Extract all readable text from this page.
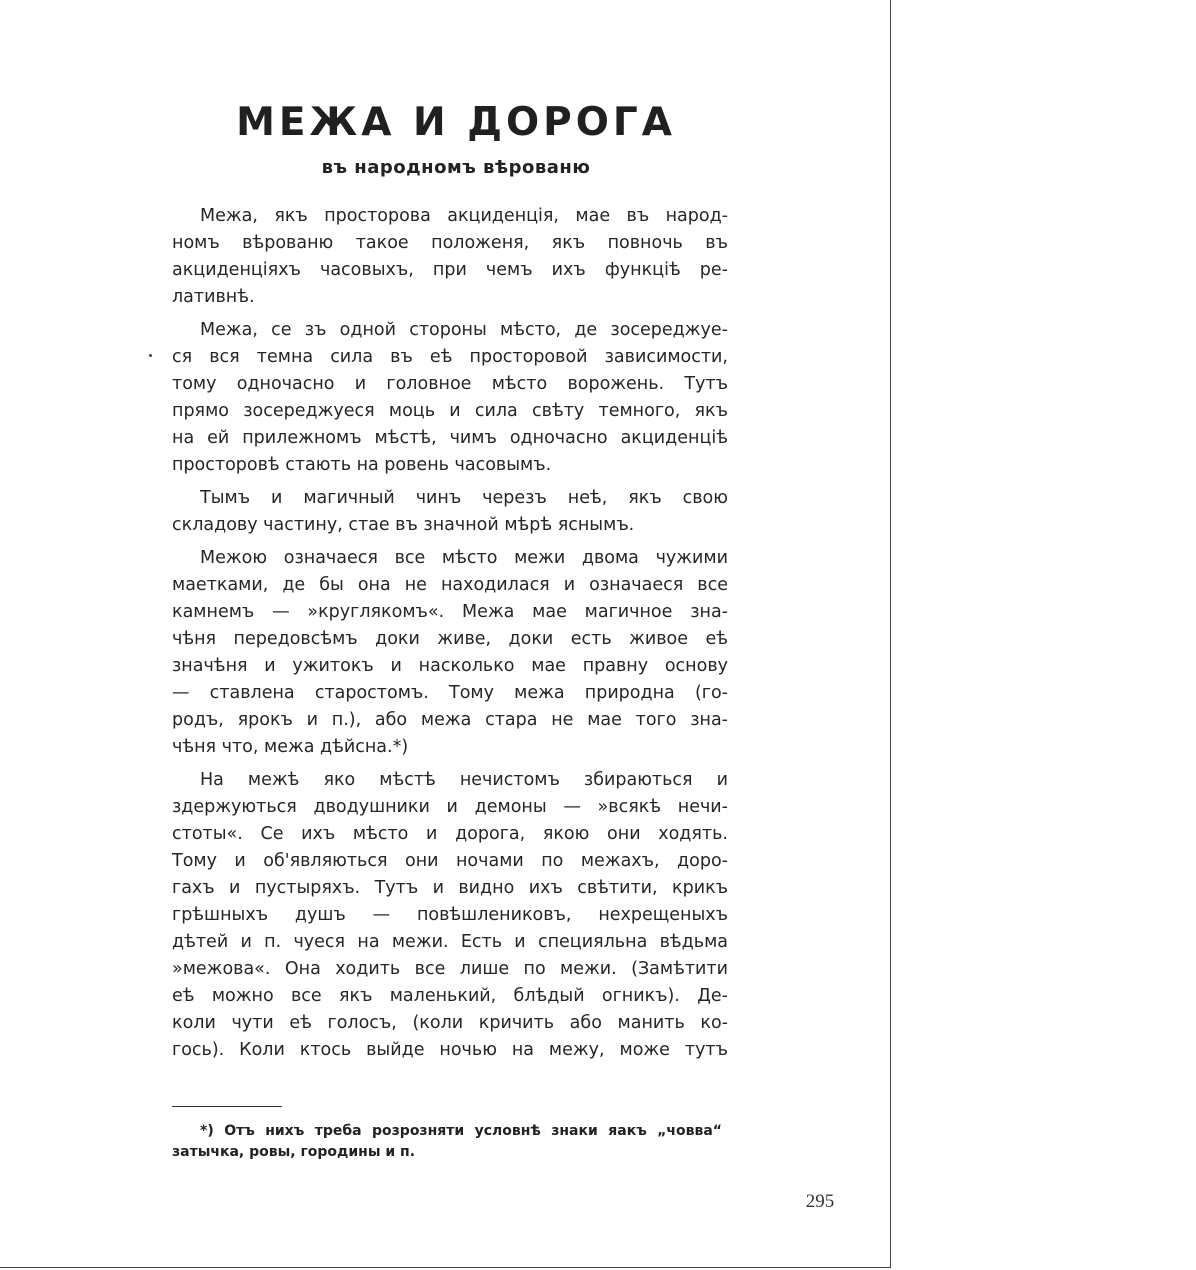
МЕЖА И ДОРОГА
въ народномъ вѣрованю
Межа, якъ просторова акциденція, мае въ народ-
номъ вѣрованю такое положеня, якъ повночь въ
акциденціяхъ часовыхъ, при чемъ ихъ функціѣ ре-
лативнѣ.
Межа, се зъ одной стороны мѣсто, де зосереджуе-
ся вся темна сила въ еѣ просторовой зависимости,
тому одночасно и головное мѣсто ворожень. Тутъ
прямо зосереджуеся моць и сила свѣту темного, якъ
на ей прилежномъ мѣстѣ, чимъ одночасно акциденціѣ
просторовѣ стають на ровень часовымъ.
Тымъ и магичный чинъ черезъ неѣ, якъ свою
складову частину, стае въ значной мѣрѣ яснымъ.
Межою означаеся все мѣсто межи двома чужими
маетками, де бы она не находилася и означаеся все
камнемъ — »круглякомъ«. Межа мае магичное зна-
чѣня передовсѣмъ доки живе, доки есть живое еѣ
значѣня и ужитокъ и насколько мае правну основу
— ставлена старостомъ. Тому межа природна (го-
родъ, ярокъ и п.), або межа стара не мае того зна-
чѣня что, межа дѣйсна.*)
На межѣ яко мѣстѣ нечистомъ збираються и
здержуються дводушники и демоны — »всякѣ нечи-
стоты«. Се ихъ мѣсто и дорога, якою они ходять.
Тому и об'являються они ночами по межахъ, доро-
гахъ и пустыряхъ. Тутъ и видно ихъ свѣтити, крикъ
грѣшныхъ душъ — повѣшлениковъ, нехрещеныхъ
дѣтей и п. чуеся на межи. Есть и специяльна вѣдьма
»межова«. Она ходить все лише по межи. (Замѣтити
еѣ можно все якъ маленький, блѣдый огникъ). Де-
коли чути еѣ голосъ, (коли кричить або манить ко-
гось). Коли ктось выйде ночью на межу, може тутъ
*) Отъ нихъ треба розрозняти условнѣ знаки яакъ „човва“
затычка, ровы, городины и п.
295
